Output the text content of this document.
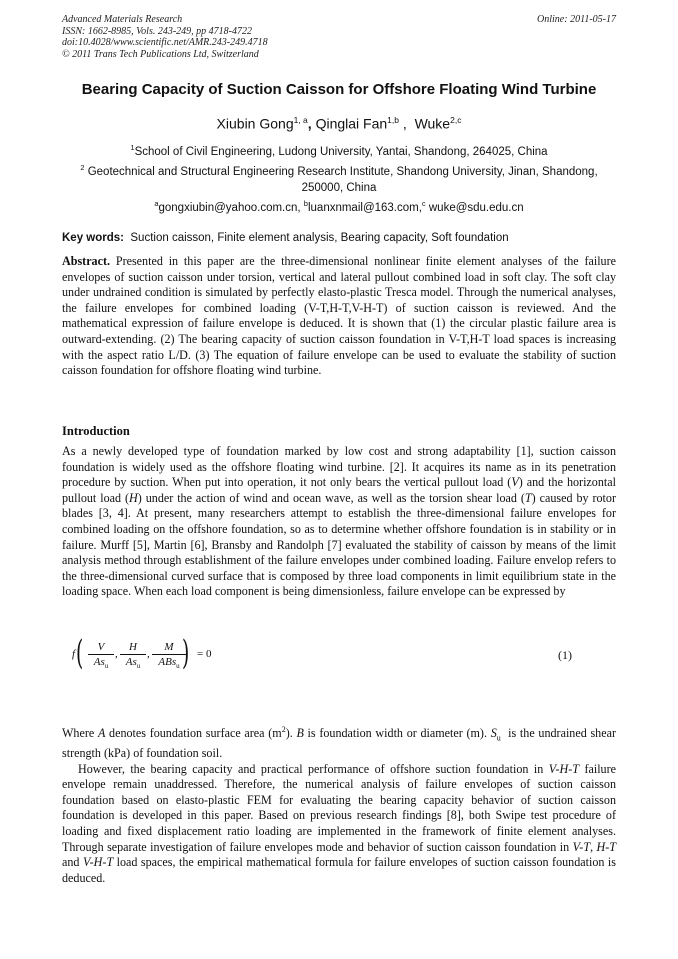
Advanced Materials Research
ISSN: 1662-8985, Vols. 243-249, pp 4718-4722
doi:10.4028/www.scientific.net/AMR.243-249.4718
© 2011 Trans Tech Publications Ltd, Switzerland
Online: 2011-05-17
Bearing Capacity of Suction Caisson for Offshore Floating Wind Turbine
Xiubin Gong$^{1, a}$, Qinglai Fan$^{1,b}$ ,  Wuke$^{2,c}$
$^1$School of Civil Engineering, Ludong University, Yantai, Shandong, 264025, China
$^2$ Geotechnical and Structural Engineering Research Institute, Shandong University, Jinan, Shandong, 250000, China
$^a$gongxiubin@yahoo.com.cn, $^b$luanxnmail@163.com,$^c$ wuke@sdu.edu.cn
Key words:  Suction caisson, Finite element analysis, Bearing capacity, Soft foundation
Abstract. Presented in this paper are the three-dimensional nonlinear finite element analyses of the failure envelopes of suction caisson under torsion, vertical and lateral pullout combined load in soft clay. The soft clay under undrained condition is simulated by perfectly elasto-plastic Tresca model. Through the numerical analyses, the failure envelopes for combined loading (V-T,H-T,V-H-T) of suction caisson is reviewed. And the mathematical expression of failure envelope is deduced. It is shown that (1) the circular plastic failure area is outward-extending. (2) The bearing capacity of suction caisson foundation in V-T,H-T load spaces is increasing with the aspect ratio L/D. (3) The equation of failure envelope can be used to evaluate the stability of suction caisson foundation for offshore floating wind turbine.
Introduction
As a newly developed type of foundation marked by low cost and strong adaptability [1], suction caisson foundation is widely used as the offshore floating wind turbine. [2]. It acquires its name as in its penetration procedure by suction. When put into operation, it not only bears the vertical pullout load (V) and the horizontal pullout load (H) under the action of wind and ocean wave, as well as the torsion shear load (T) caused by rotor blades [3, 4]. At present, many researchers attempt to establish the three-dimensional failure envelopes for combined loading on the offshore foundation, so as to determine whether offshore foundation is in stability or in failure. Murff [5], Martin [6], Bransby and Randolph [7] evaluated the stability of caisson by means of the limit analysis method through establishment of the failure envelopes under combined loading. Failure envelop refers to the three-dimensional curved surface that is composed by three load components in limit equilibrium state in the loading space. When each load component is being dimensionless, failure envelope can be expressed by
f (	V
$As_u$
,
H
$As_u$
,
M
ABs$_u$ ) = 0	(1)
Where A denotes foundation surface area $(m^2)$. B is foundation width or diameter (m). $S_u$  is the undrained shear strength (kPa) of foundation soil.
However, the bearing capacity and practical performance of offshore suction foundation in V-H-T failure envelope remain unaddressed. Therefore, the numerical analysis of failure envelopes of suction caisson foundation based on elasto-plastic FEM for evaluating the bearing capacity behavior of suction caisson foundation is developed in this paper. Based on previous research findings [8], both Swipe test procedure of loading and fixed displacement ratio loading are implemented in the framework of finite element analyses. Through separate investigation of failure envelopes mode and behavior of suction caisson foundation in V-T, H-T and V-H-T load spaces, the empirical mathematical formula for failure envelopes of suction caisson foundation is deduced.
